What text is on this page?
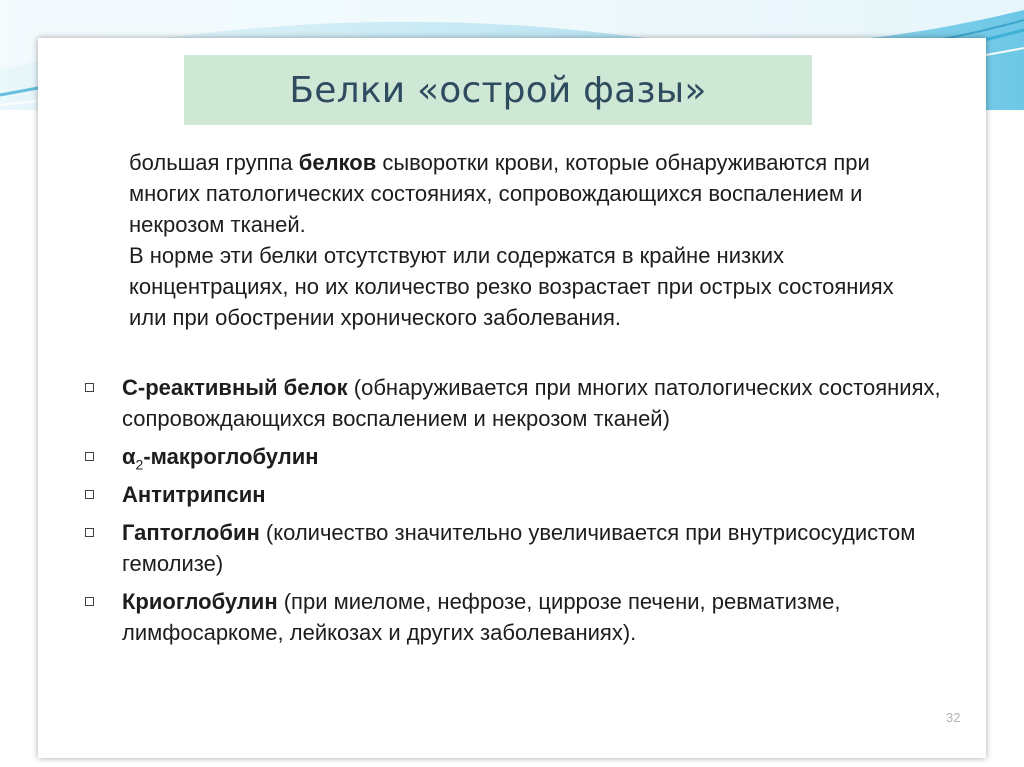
Белки «острой фазы»

большая группа белков сыворотки крови, которые обнаруживаются при многих патологических состояниях, сопровождающихся воспалением и некрозом тканей.

В норме эти белки отсутствуют или содержатся в крайне низких концентрациях, но их количество резко возрастает при острых состояниях или при обострении хронического заболевания.

С-реактивный белок (обнаруживается при многих патологических состояниях, сопровождающихся воспалением и некрозом тканей)
$\alpha_2$-макроглобулин
Антитрипсин
Гаптоглобин (количество значительно увеличивается при внутрисосудистом гемолизе)
Криоглобулин (при миеломе, нефрозе, циррозе печени, ревматизме, лимфосаркоме, лейкозах и других заболеваниях).
32
